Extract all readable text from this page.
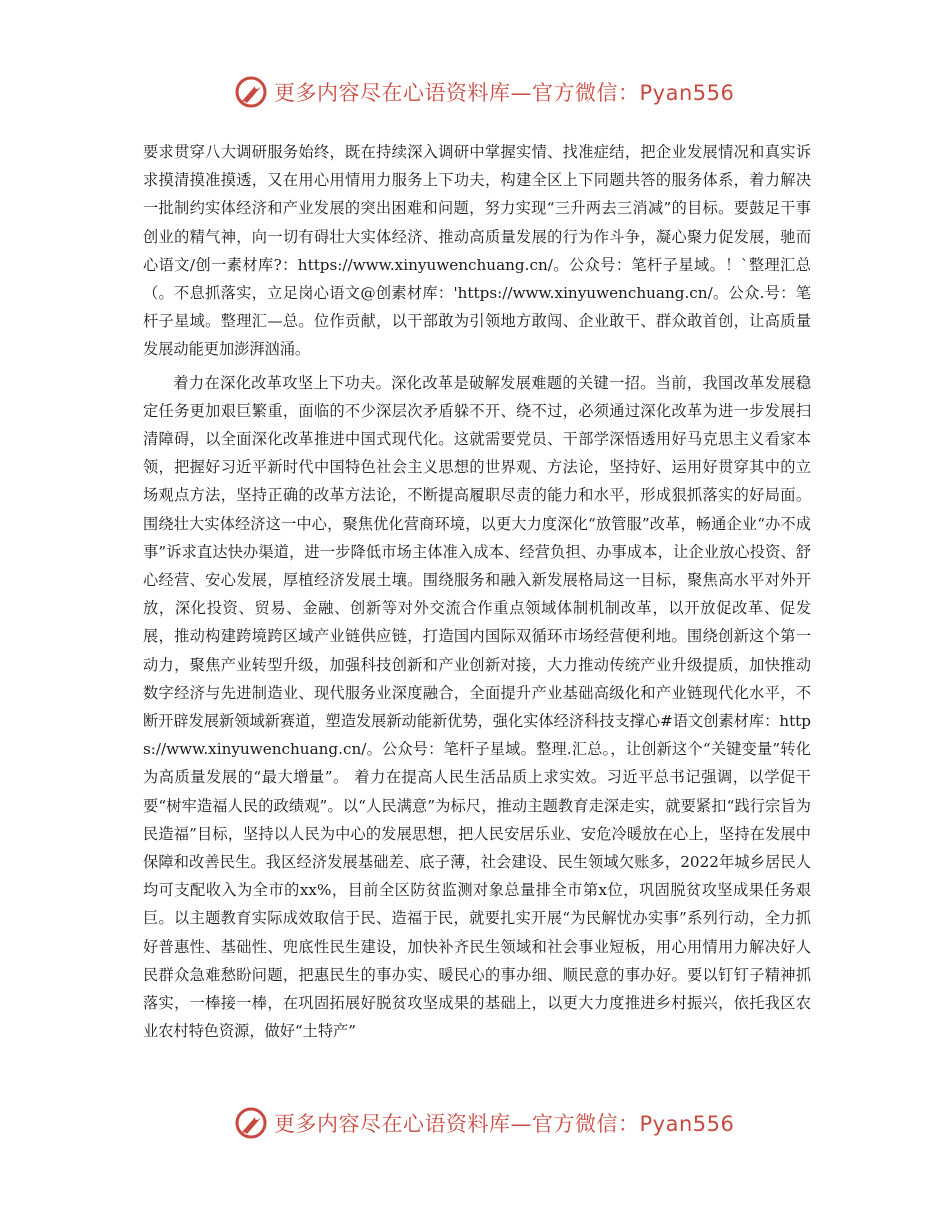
更多内容尽在心语资料库—官方微信：Pyan556

要求贯穿八大调研服务始终，既在持续深入调研中掌握实情、找准症结，把企业发展情况和真实诉求摸清摸准摸透，又在用心用情用力服务上下功夫，构建全区上下同题共答的服务体系，着力解决一批制约实体经济和产业发展的突出困难和问题，努力实现“三升两去三消减”的目标。要鼓足干事创业的精气神，向一切有碍壮大实体经济、推动高质量发展的行为作斗争，凝心聚力促发展，驰而心语文/创一素材库?：https://www.xinyuwenchuang.cn/。公众号：笔杆子星域。！`整理汇总（。不息抓落实，立足岗心语文@创素材库：'https://www.xinyuwenchuang.cn/。公众.号：笔杆子星域。整理汇—总。位作贡献，以干部敢为引领地方敢闯、企业敢干、群众敢首创，让高质量发展动能更加澎湃汹涌。

着力在深化改革攻坚上下功夫。深化改革是破解发展难题的关键一招。当前，我国改革发展稳定任务更加艰巨繁重，面临的不少深层次矛盾躲不开、绕不过，必须通过深化改革为进一步发展扫清障碍，以全面深化改革推进中国式现代化。这就需要党员、干部学深悟透用好马克思主义看家本领，把握好习近平新时代中国特色社会主义思想的世界观、方法论，坚持好、运用好贯穿其中的立场观点方法，坚持正确的改革方法论，不断提高履职尽责的能力和水平，形成狠抓落实的好局面。围绕壮大实体经济这一中心，聚焦优化营商环境，以更大力度深化“放管服”改革，畅通企业“办不成事”诉求直达快办渠道，进一步降低市场主体准入成本、经营负担、办事成本，让企业放心投资、舒心经营、安心发展，厚植经济发展土壤。围绕服务和融入新发展格局这一目标，聚焦高水平对外开放，深化投资、贸易、金融、创新等对外交流合作重点领域体制机制改革，以开放促改革、促发展，推动构建跨境跨区域产业链供应链，打造国内国际双循环市场经营便利地。围绕创新这个第一动力，聚焦产业转型升级，加强科技创新和产业创新对接，大力推动传统产业升级提质，加快推动数字经济与先进制造业、现代服务业深度融合，全面提升产业基础高级化和产业链现代化水平，不断开辟发展新领域新赛道，塑造发展新动能新优势，强化实体经济科技支撑心#语文创素材库：https://www.xinyuwenchuang.cn/。公众号：笔杆子星域。整理.汇总。，让创新这个“关键变量”转化为高质量发展的“最大增量”。 着力在提高人民生活品质上求实效。习近平总书记强调，以学促干要“树牢造福人民的政绩观”。以“人民满意”为标尺，推动主题教育走深走实，就要紧扣“践行宗旨为民造福”目标，坚持以人民为中心的发展思想，把人民安居乐业、安危冷暖放在心上，坚持在发展中保障和改善民生。我区经济发展基础差、底子薄，社会建设、民生领域欠账多，2022年城乡居民人均可支配收入为全市的xx%，目前全区防贫监测对象总量排全市第x位，巩固脱贫攻坚成果任务艰巨。以主题教育实际成效取信于民、造福于民，就要扎实开展“为民解忧办实事”系列行动，全力抓好普惠性、基础性、兜底性民生建设，加快补齐民生领域和社会事业短板，用心用情用力解决好人民群众急难愁盼问题，把惠民生的事办实、暖民心的事办细、顺民意的事办好。要以钉钉子精神抓落实，一棒接一棒，在巩固拓展好脱贫攻坚成果的基础上，以更大力度推进乡村振兴，依托我区农业农村特色资源，做好“土特产”

更多内容尽在心语资料库—官方微信：Pyan556
